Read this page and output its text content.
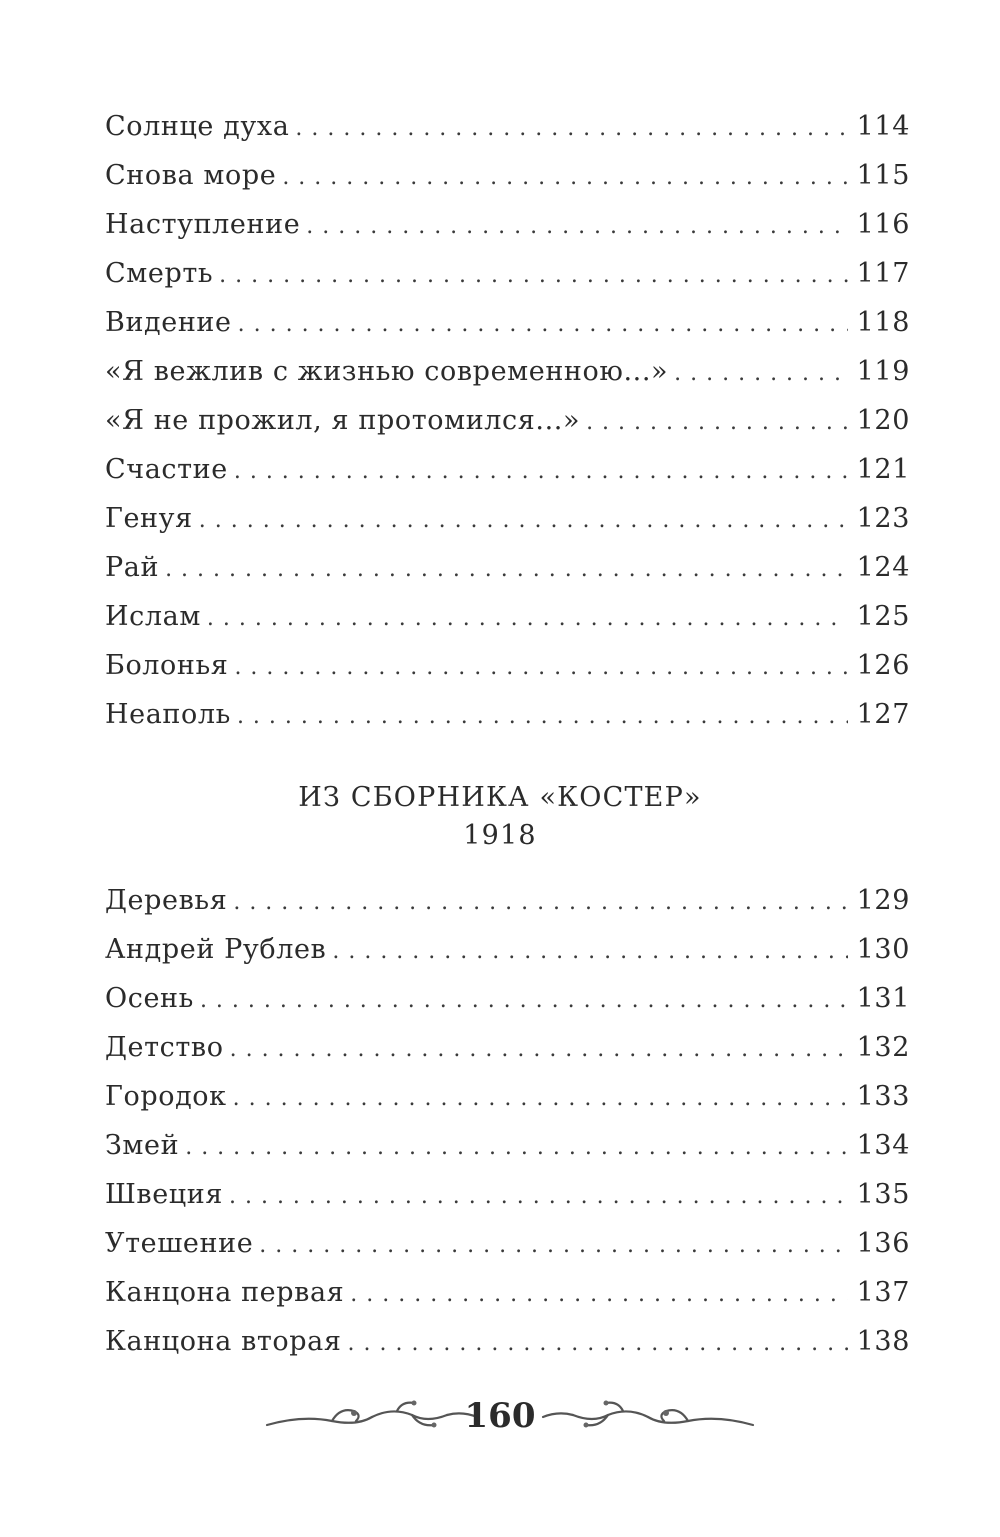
Солнце духа . . .	114
Снова море . . .	115
Наступление . . .	116
Смерть . . .	117
Видение . . .	118
«Я вежлив с жизнью современною...» . . .	119
«Я не прожил, я протомился...» . . .	120
Счастие . . .	121
Генуя . . .	123
Рай . . .	124
Ислам . . .	125
Болонья . . .	126
Неаполь . . .	127
ИЗ СБОРНИКА «КОСТЕР»
1918
Деревья . . .	129
Андрей Рублев . . .	130
Осень . . .	131
Детство . . .	132
Городок . . .	133
Змей . . .	134
Швеция . . .	135
Утешение . . .	136
Канцона первая . . .	137
Канцона вторая . . .	138
160
